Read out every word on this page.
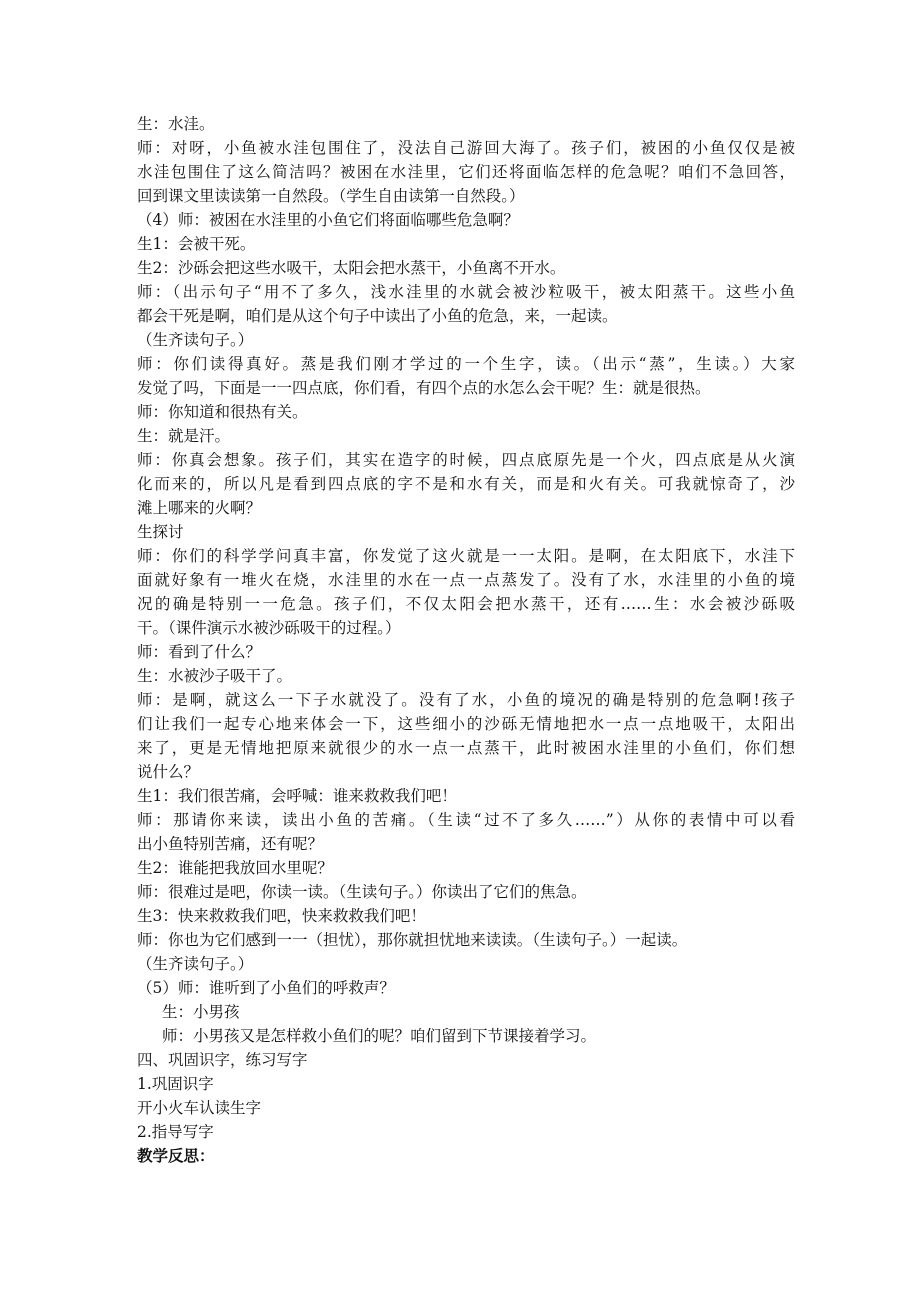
生：水洼。
师：对呀，小鱼被水洼包围住了，没法自己游回大海了。孩子们，被困的小鱼仅仅是被
水洼包围住了这么简洁吗？被困在水洼里，它们还将面临怎样的危急呢？咱们不急回答，
回到课文里读读第一自然段。（学生自由读第一自然段。）
（4）师：被困在水洼里的小鱼它们将面临哪些危急啊？
生1：会被干死。
生2：沙砾会把这些水吸干，太阳会把水蒸干，小鱼离不开水。
师：（出示句子“用不了多久，浅水洼里的水就会被沙粒吸干，被太阳蒸干。这些小鱼
都会干死是啊，咱们是从这个句子中读出了小鱼的危急，来，一起读。
（生齐读句子。）
师：你们读得真好。蒸是我们刚才学过的一个生字，读。（出示“蒸”，生读。）大家
发觉了吗，下面是一一四点底，你们看，有四个点的水怎么会干呢？生：就是很热。
师：你知道和很热有关。
生：就是汗。
师：你真会想象。孩子们，其实在造字的时候，四点底原先是一个火，四点底是从火演
化而来的，所以凡是看到四点底的字不是和水有关，而是和火有关。可我就惊奇了，沙
滩上哪来的火啊？
生探讨
师：你们的科学学问真丰富，你发觉了这火就是一一太阳。是啊，在太阳底下，水洼下
面就好象有一堆火在烧，水洼里的水在一点一点蒸发了。没有了水，水洼里的小鱼的境
况的确是特别一一危急。孩子们，不仅太阳会把水蒸干，还有……生：水会被沙砾吸
干。（课件演示水被沙砾吸干的过程。）
师：看到了什么？
生：水被沙子吸干了。
师：是啊，就这么一下子水就没了。没有了水，小鱼的境况的确是特别的危急啊!孩子
们让我们一起专心地来体会一下，这些细小的沙砾无情地把水一点一点地吸干，太阳出
来了，更是无情地把原来就很少的水一点一点蒸干，此时被困水洼里的小鱼们，你们想
说什么？
生1：我们很苦痛，会呼喊：谁来救救我们吧！
师：那请你来读，读出小鱼的苦痛。（生读“过不了多久……”）从你的表情中可以看
出小鱼特别苦痛，还有呢？
生2：谁能把我放回水里呢？
师：很难过是吧，你读一读。（生读句子。）你读出了它们的焦急。
生3：快来救救我们吧，快来救救我们吧！
师：你也为它们感到一一（担忧），那你就担忧地来读读。（生读句子。）一起读。
（生齐读句子。）
（5）师：谁听到了小鱼们的呼救声？
生：小男孩
师：小男孩又是怎样救小鱼们的呢？咱们留到下节课接着学习。
四、巩固识字，练习写字
1.巩固识字
开小火车认读生字
2.指导写字
教学反思：
